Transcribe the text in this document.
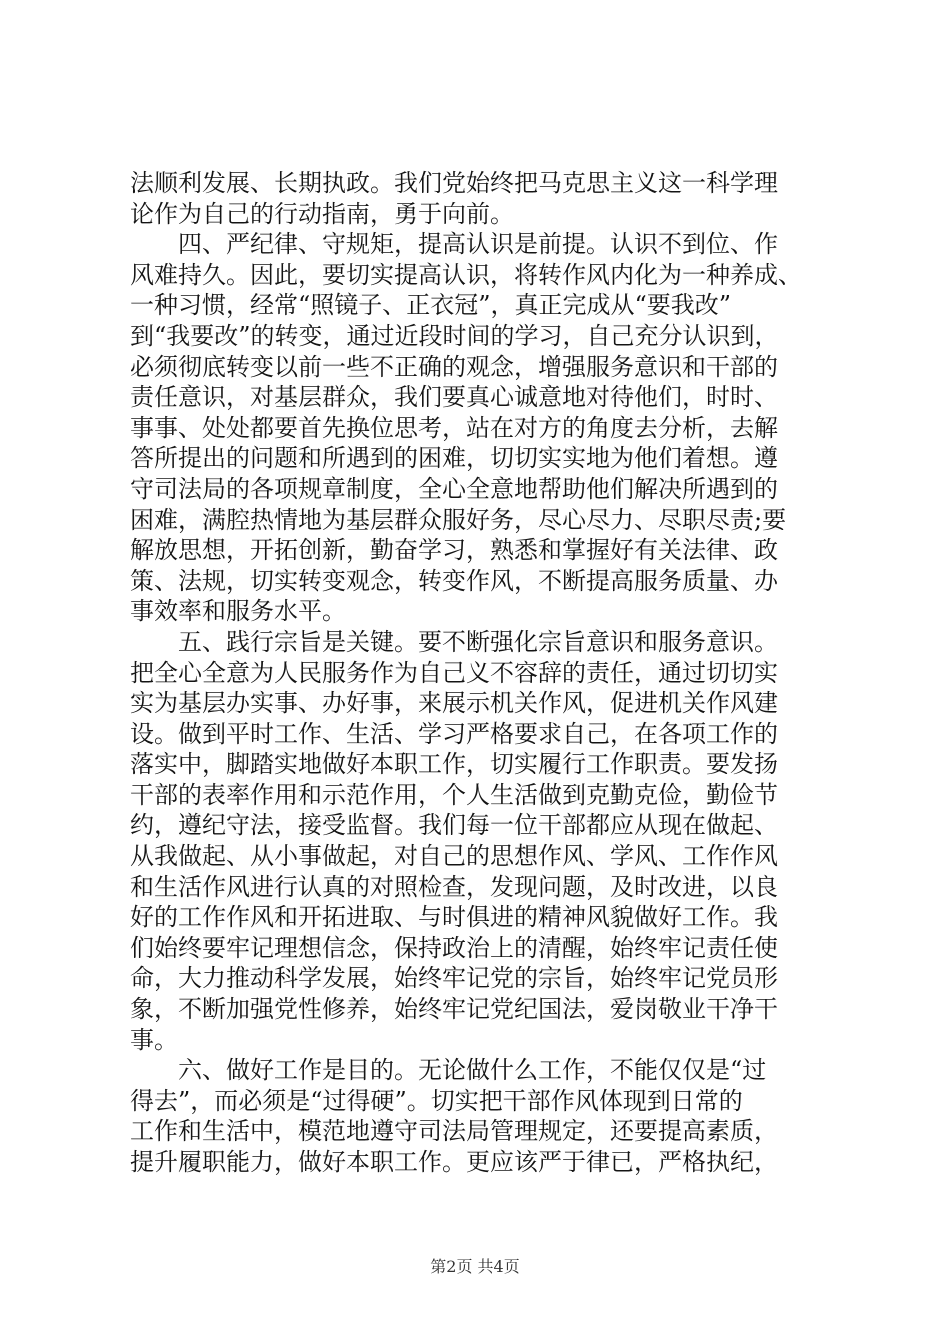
法顺利发展、长期执政。我们党始终把马克思主义这一科学理
论作为自己的行动指南，勇于向前。
四、严纪律、守规矩，提高认识是前提。认识不到位、作
风难持久。因此，要切实提高认识，将转作风内化为一种养成、
一种习惯，经常“照镜子、正衣冠”，真正完成从“要我改”
到“我要改”的转变，通过近段时间的学习，自己充分认识到，
必须彻底转变以前一些不正确的观念，增强服务意识和干部的
责任意识，对基层群众，我们要真心诚意地对待他们，时时、
事事、处处都要首先换位思考，站在对方的角度去分析，去解
答所提出的问题和所遇到的困难，切切实实地为他们着想。遵
守司法局的各项规章制度，全心全意地帮助他们解决所遇到的
困难，满腔热情地为基层群众服好务，尽心尽力、尽职尽责;要
解放思想，开拓创新，勤奋学习，熟悉和掌握好有关法律、政
策、法规，切实转变观念，转变作风，不断提高服务质量、办
事效率和服务水平。
五、践行宗旨是关键。要不断强化宗旨意识和服务意识。
把全心全意为人民服务作为自己义不容辞的责任，通过切切实
实为基层办实事、办好事，来展示机关作风，促进机关作风建
设。做到平时工作、生活、学习严格要求自己，在各项工作的
落实中，脚踏实地做好本职工作，切实履行工作职责。要发扬
干部的表率作用和示范作用，个人生活做到克勤克俭，勤俭节
约，遵纪守法，接受监督。我们每一位干部都应从现在做起、
从我做起、从小事做起，对自己的思想作风、学风、工作作风
和生活作风进行认真的对照检查，发现问题，及时改进，以良
好的工作作风和开拓进取、与时俱进的精神风貌做好工作。我
们始终要牢记理想信念，保持政治上的清醒，始终牢记责任使
命，大力推动科学发展，始终牢记党的宗旨，始终牢记党员形
象，不断加强党性修养，始终牢记党纪国法，爱岗敬业干净干
事。
六、做好工作是目的。无论做什么工作，不能仅仅是“过
得去”，而必须是“过得硬”。切实把干部作风体现到日常的
工作和生活中，模范地遵守司法局管理规定，还要提高素质，
提升履职能力，做好本职工作。更应该严于律已，严格执纪，
第2页 共4页
